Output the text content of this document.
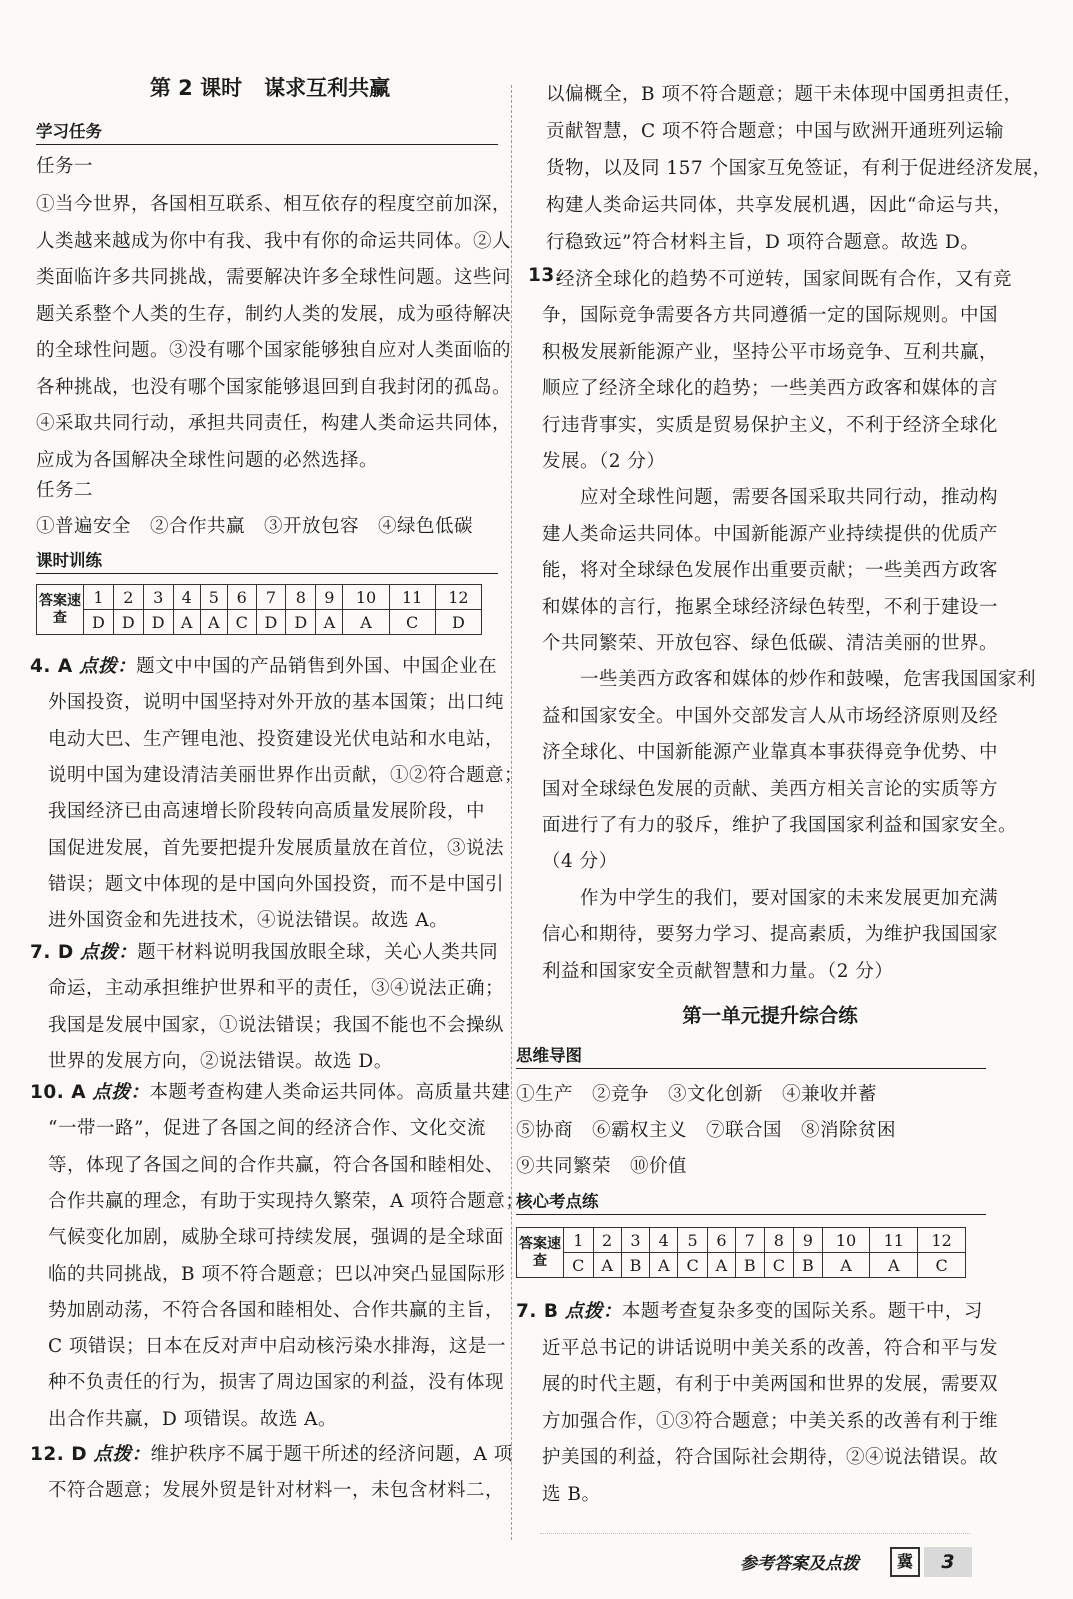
第 2 课时 谋求互利共赢
学习任务
任务一
①当今世界，各国相互联系、相互依存的程度空前加深，
人类越来越成为你中有我、我中有你的命运共同体。②人
类面临许多共同挑战，需要解决许多全球性问题。这些问
题关系整个人类的生存，制约人类的发展，成为亟待解决
的全球性问题。③没有哪个国家能够独自应对人类面临的
各种挑战，也没有哪个国家能够退回到自我封闭的孤岛。
④采取共同行动，承担共同责任，构建人类命运共同体，
应成为各国解决全球性问题的必然选择。
任务二
①普遍安全　②合作共赢　③开放包容　④绿色低碳
课时训练
答案速查	1	2	3	4	5	6	7	8	9	10	11	12
	D	D	D	A	A	C	D	D	A	A	C	D
4. A 点拨：题文中中国的产品销售到外国、中国企业在
外国投资，说明中国坚持对外开放的基本国策；出口纯
电动大巴、生产锂电池、投资建设光伏电站和水电站，
说明中国为建设清洁美丽世界作出贡献，①②符合题意；
我国经济已由高速增长阶段转向高质量发展阶段，中
国促进发展，首先要把提升发展质量放在首位，③说法
错误；题文中体现的是中国向外国投资，而不是中国引
进外国资金和先进技术，④说法错误。故选 A。
7. D 点拨：题干材料说明我国放眼全球，关心人类共同
命运，主动承担维护世界和平的责任，③④说法正确；
我国是发展中国家，①说法错误；我国不能也不会操纵
世界的发展方向，②说法错误。故选 D。
10. A 点拨：本题考查构建人类命运共同体。高质量共建
“一带一路”，促进了各国之间的经济合作、文化交流
等，体现了各国之间的合作共赢，符合各国和睦相处、
合作共赢的理念，有助于实现持久繁荣，A 项符合题意；
气候变化加剧，威胁全球可持续发展，强调的是全球面
临的共同挑战，B 项不符合题意；巴以冲突凸显国际形
势加剧动荡，不符合各国和睦相处、合作共赢的主旨，
C 项错误；日本在反对声中启动核污染水排海，这是一
种不负责任的行为，损害了周边国家的利益，没有体现
出合作共赢，D 项错误。故选 A。
12. D 点拨：维护秩序不属于题干所述的经济问题，A 项
不符合题意；发展外贸是针对材料一，未包含材料二，
以偏概全，B 项不符合题意；题干未体现中国勇担责任，
贡献智慧，C 项不符合题意；中国与欧洲开通班列运输
货物，以及同 157 个国家互免签证，有利于促进经济发展，
构建人类命运共同体，共享发展机遇，因此“命运与共，
行稳致远”符合材料主旨，D 项符合题意。故选 D。
13.
经济全球化的趋势不可逆转，国家间既有合作，又有竞
争，国际竞争需要各方共同遵循一定的国际规则。中国
积极发展新能源产业，坚持公平市场竞争、互利共赢，
顺应了经济全球化的趋势；一些美西方政客和媒体的言
行违背事实，实质是贸易保护主义，不利于经济全球化
发展。（2 分）
　　应对全球性问题，需要各国采取共同行动，推动构
建人类命运共同体。中国新能源产业持续提供的优质产
能，将对全球绿色发展作出重要贡献；一些美西方政客
和媒体的言行，拖累全球经济绿色转型，不利于建设一
个共同繁荣、开放包容、绿色低碳、清洁美丽的世界。
　　一些美西方政客和媒体的炒作和鼓噪，危害我国国家利
益和国家安全。中国外交部发言人从市场经济原则及经
济全球化、中国新能源产业靠真本事获得竞争优势、中
国对全球绿色发展的贡献、美西方相关言论的实质等方
面进行了有力的驳斥，维护了我国国家利益和国家安全。
（4 分）
　　作为中学生的我们，要对国家的未来发展更加充满
信心和期待，要努力学习、提高素质，为维护我国国家
利益和国家安全贡献智慧和力量。（2 分）
第一单元提升综合练
思维导图
①生产　②竞争　③文化创新　④兼收并蓄
⑤协商　⑥霸权主义　⑦联合国　⑧消除贫困
⑨共同繁荣　⑩价值
核心考点练
答案速查	1	2	3	4	5	6	7	8	9	10	11	12
	C	A	B	A	C	A	B	C	B	A	A	C
7. B 点拨：本题考查复杂多变的国际关系。题干中，习
近平总书记的讲话说明中美关系的改善，符合和平与发
展的时代主题，有利于中美两国和世界的发展，需要双
方加强合作，①③符合题意；中美关系的改善有利于维
护美国的利益，符合国际社会期待，②④说法错误。故
选 B。
参考答案及点拨	冀	3
